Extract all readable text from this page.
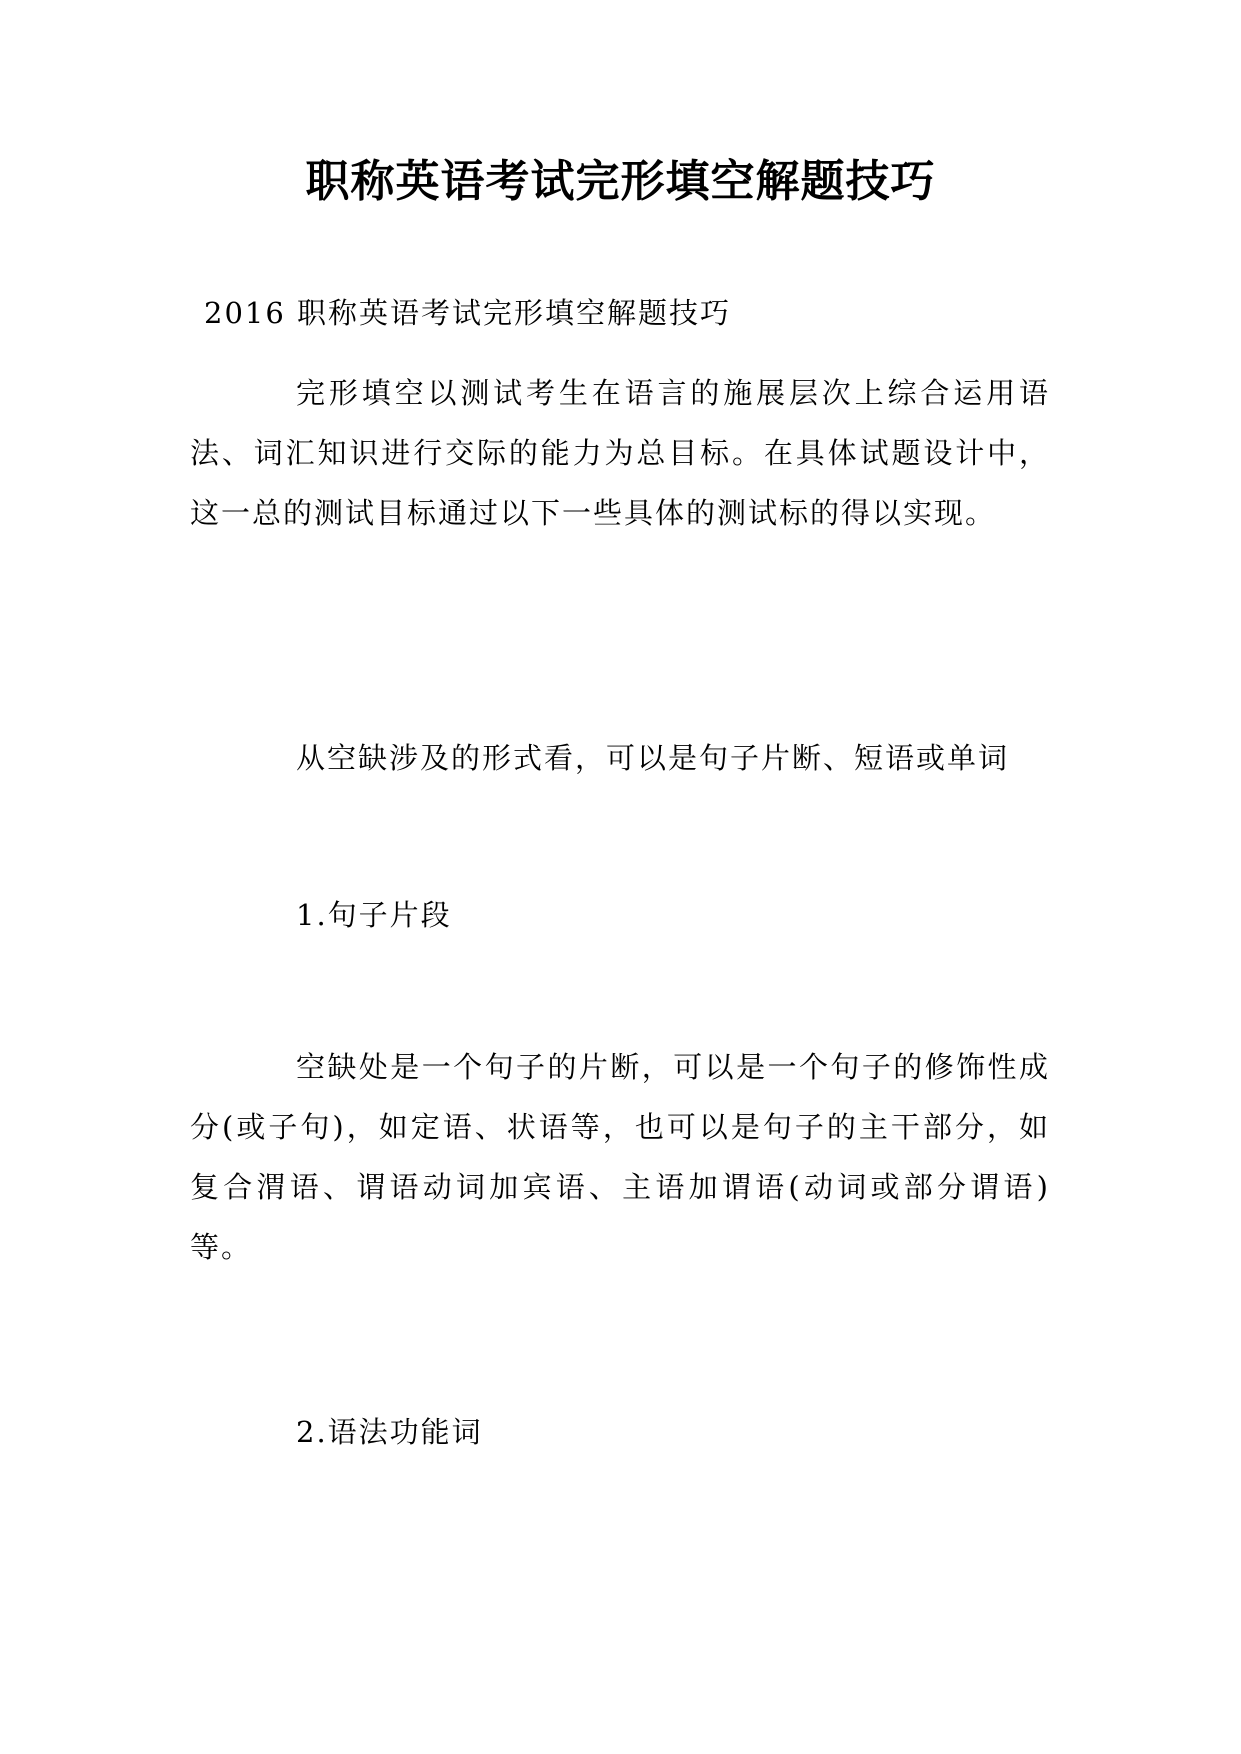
职称英语考试完形填空解题技巧
2016 职称英语考试完形填空解题技巧
完形填空以测试考生在语言的施展层次上综合运用语法、词汇知识进行交际的能力为总目标。在具体试题设计中，这一总的测试目标通过以下一些具体的测试标的得以实现。
从空缺涉及的形式看，可以是句子片断、短语或单词
1.句子片段
空缺处是一个句子的片断，可以是一个句子的修饰性成分(或子句)，如定语、状语等，也可以是句子的主干部分，如复合渭语、谓语动词加宾语、主语加谓语(动词或部分谓语)等。
2.语法功能词
